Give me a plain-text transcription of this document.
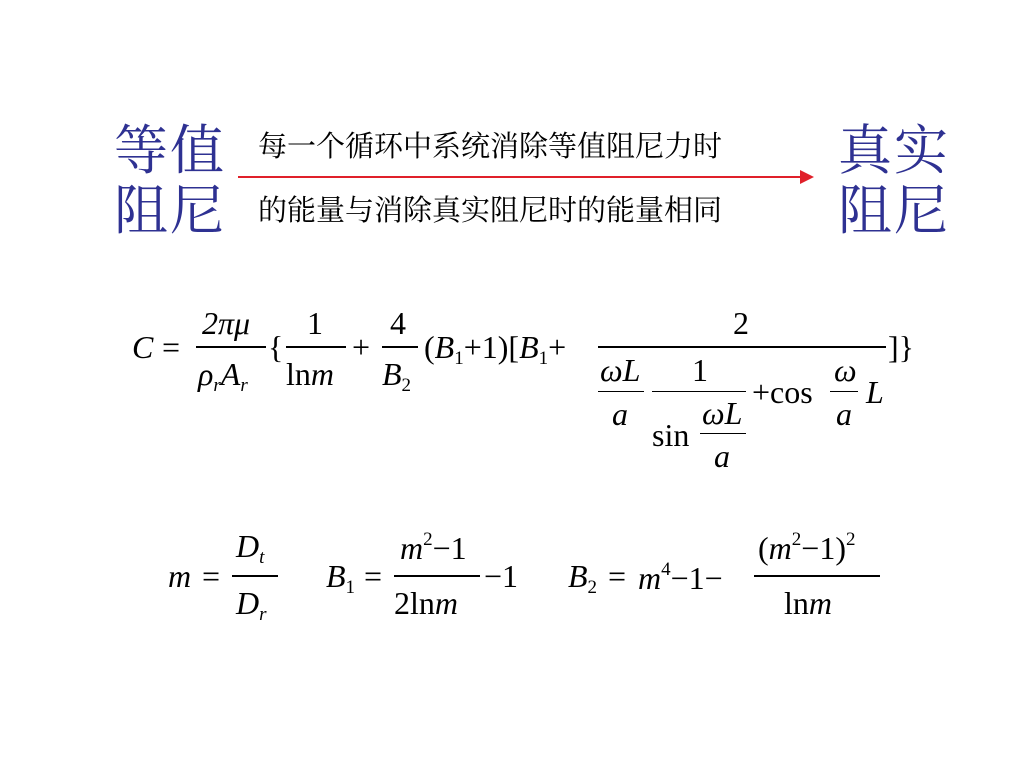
等值
阻尼
每一个循环中系统消除等值阻尼力时
的能量与消除真实阻尼时的能量相同
真实
阻尼
C =
2πμ
$\rho_rA_r$
{
1
lnm
+
4
$B_2$
$(B_1+1)[B_1+$
2
ωL
a
1
sin
ωL
a
+cos
ω
a
L
]}
m =
$D_t$
$D_r$
$B_1$ =
$m^2-1$
2lnm
−1 $B_2 = m^4-1-$
$(m^2-1)^2$
lnm
